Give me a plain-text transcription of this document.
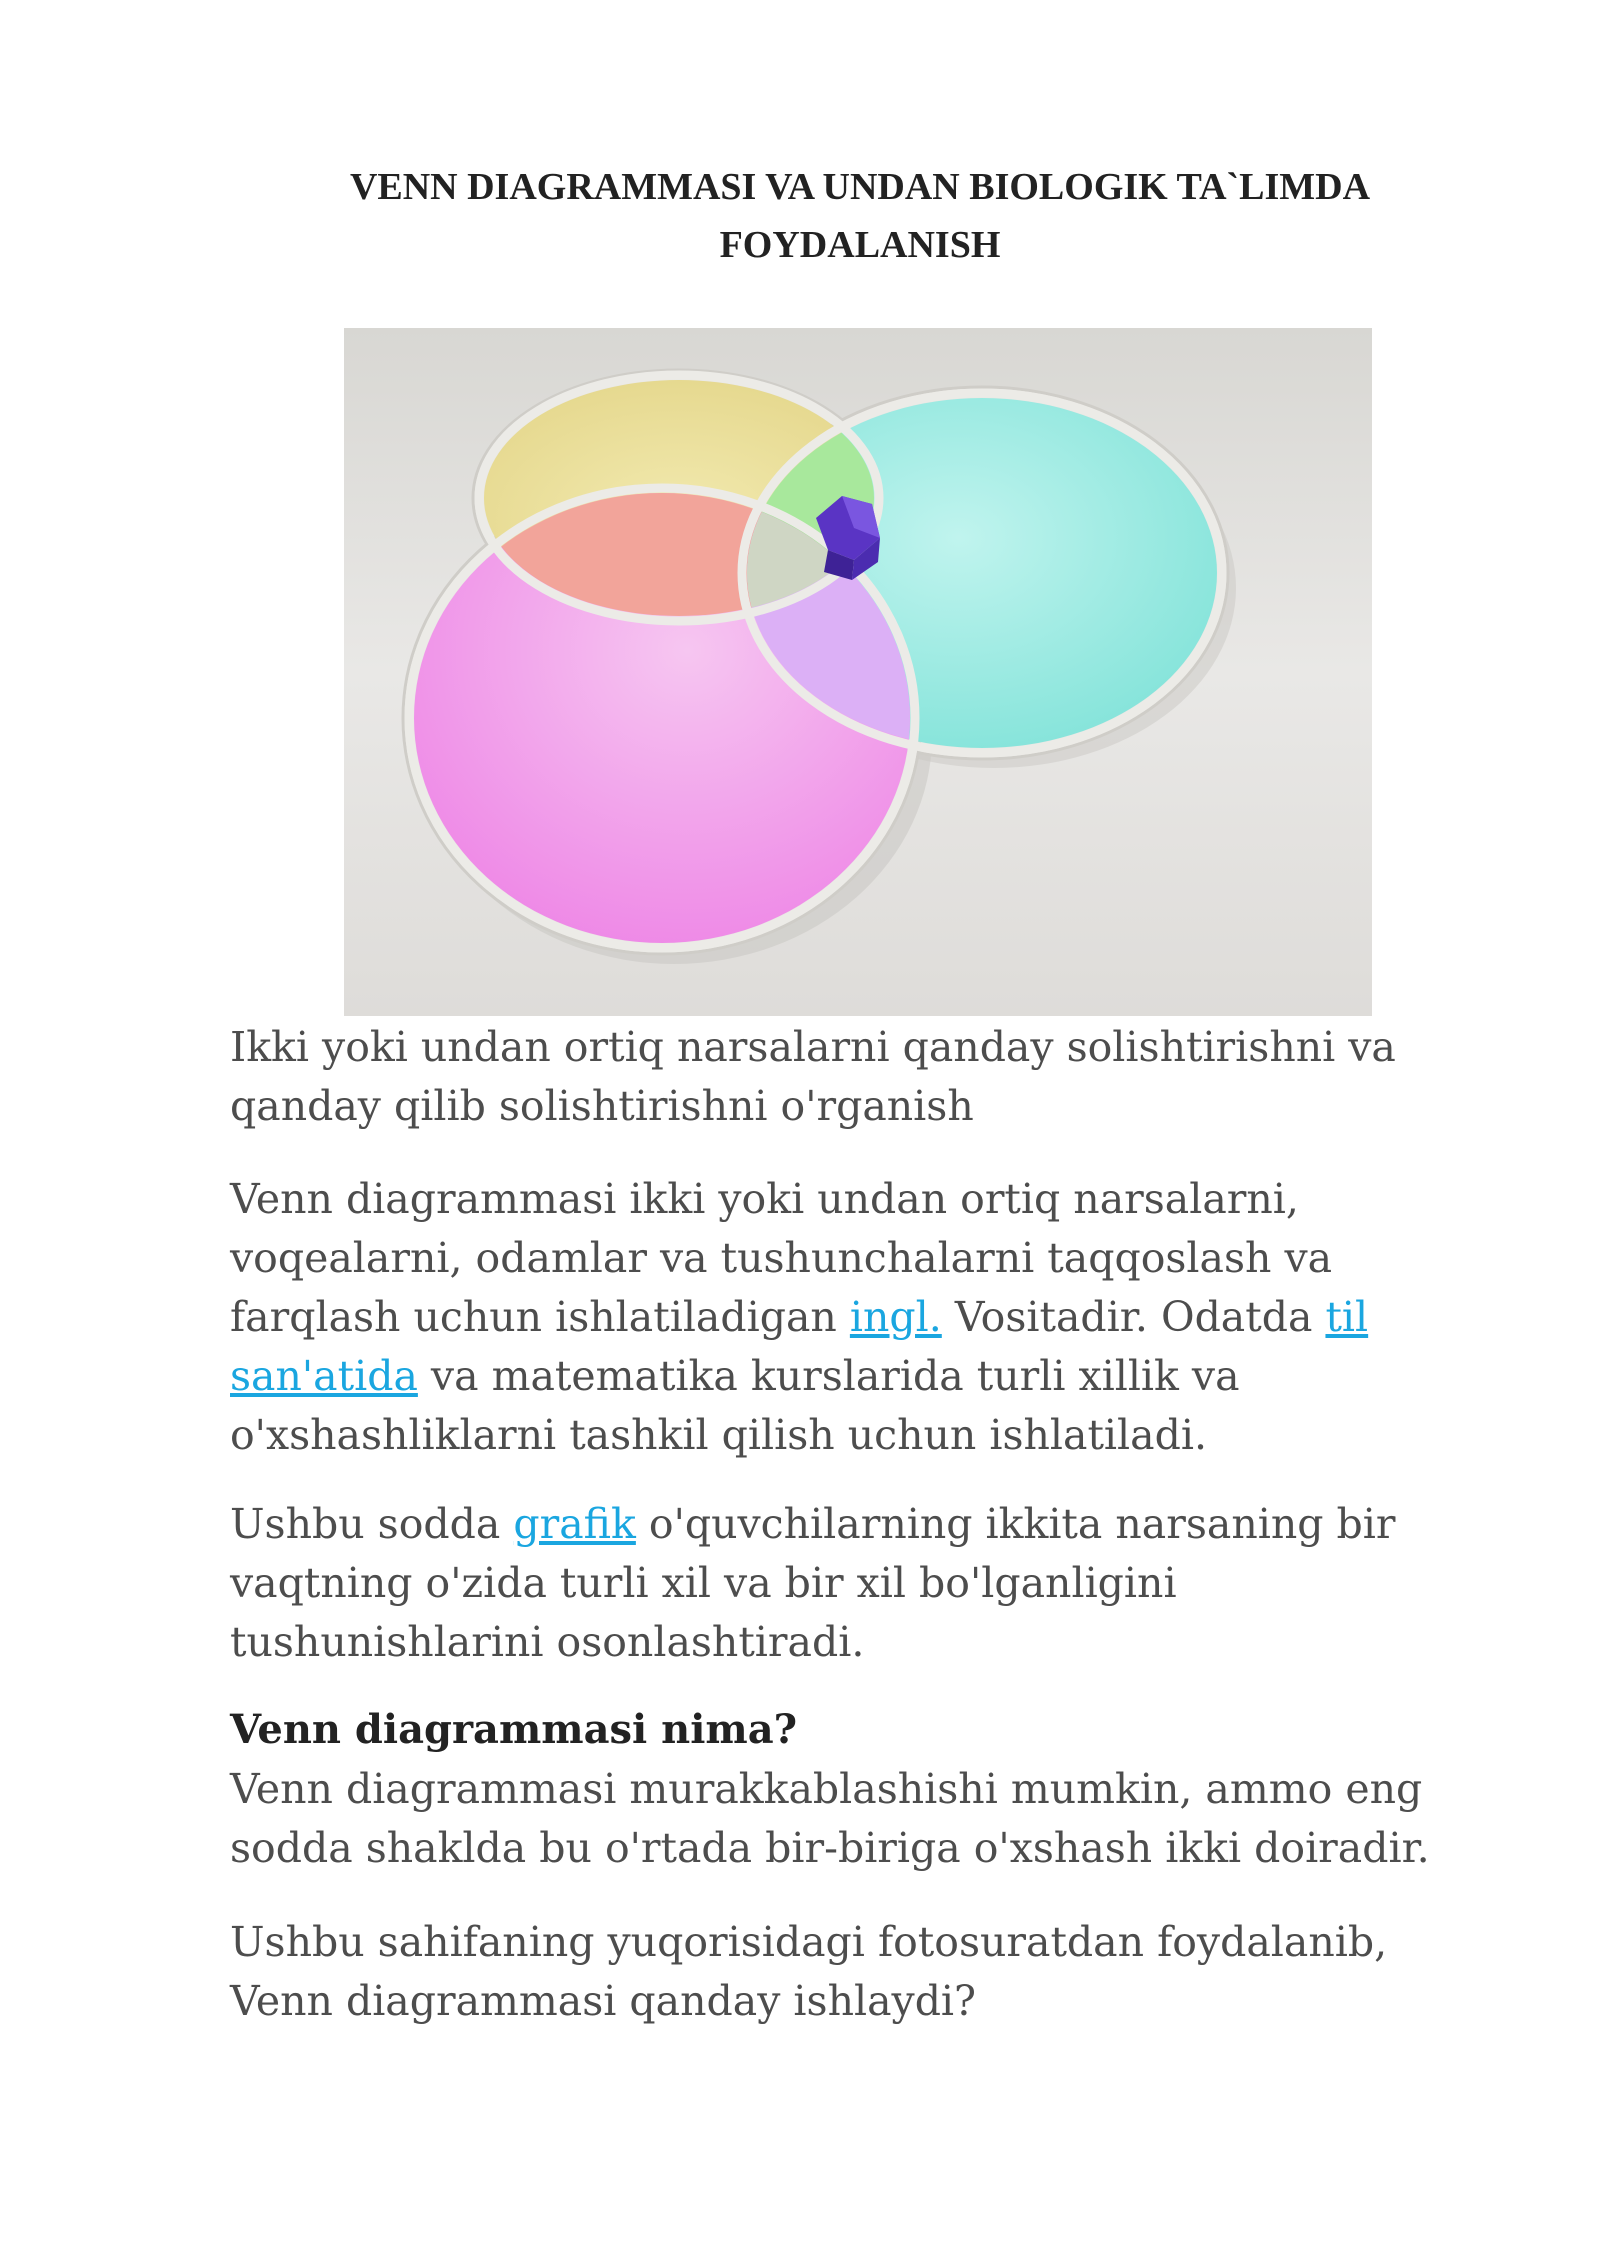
VENN DIAGRAMMASI VA UNDAN BIOLOGIK TA`LIMDA
FOYDALANISH

Ikki yoki undan ortiq narsalarni qanday solishtirishni va
qanday qilib solishtirishni o'rganish

Venn diagrammasi ikki yoki undan ortiq narsalarni,
voqealarni, odamlar va tushunchalarni taqqoslash va
farqlash uchun ishlatiladigan ingl. Vositadir. Odatda til
san'atida va matematika kurslarida turli xillik va
o'xshashliklarni tashkil qilish uchun ishlatiladi.

Ushbu sodda grafik o'quvchilarning ikkita narsaning bir
vaqtning o'zida turli xil va bir xil bo'lganligini
tushunishlarini osonlashtiradi.

Venn diagrammasi nima?

Venn diagrammasi murakkablashishi mumkin, ammo eng
sodda shaklda bu o'rtada bir-biriga o'xshash ikki doiradir.

Ushbu sahifaning yuqorisidagi fotosuratdan foydalanib,
Venn diagrammasi qanday ishlaydi?
